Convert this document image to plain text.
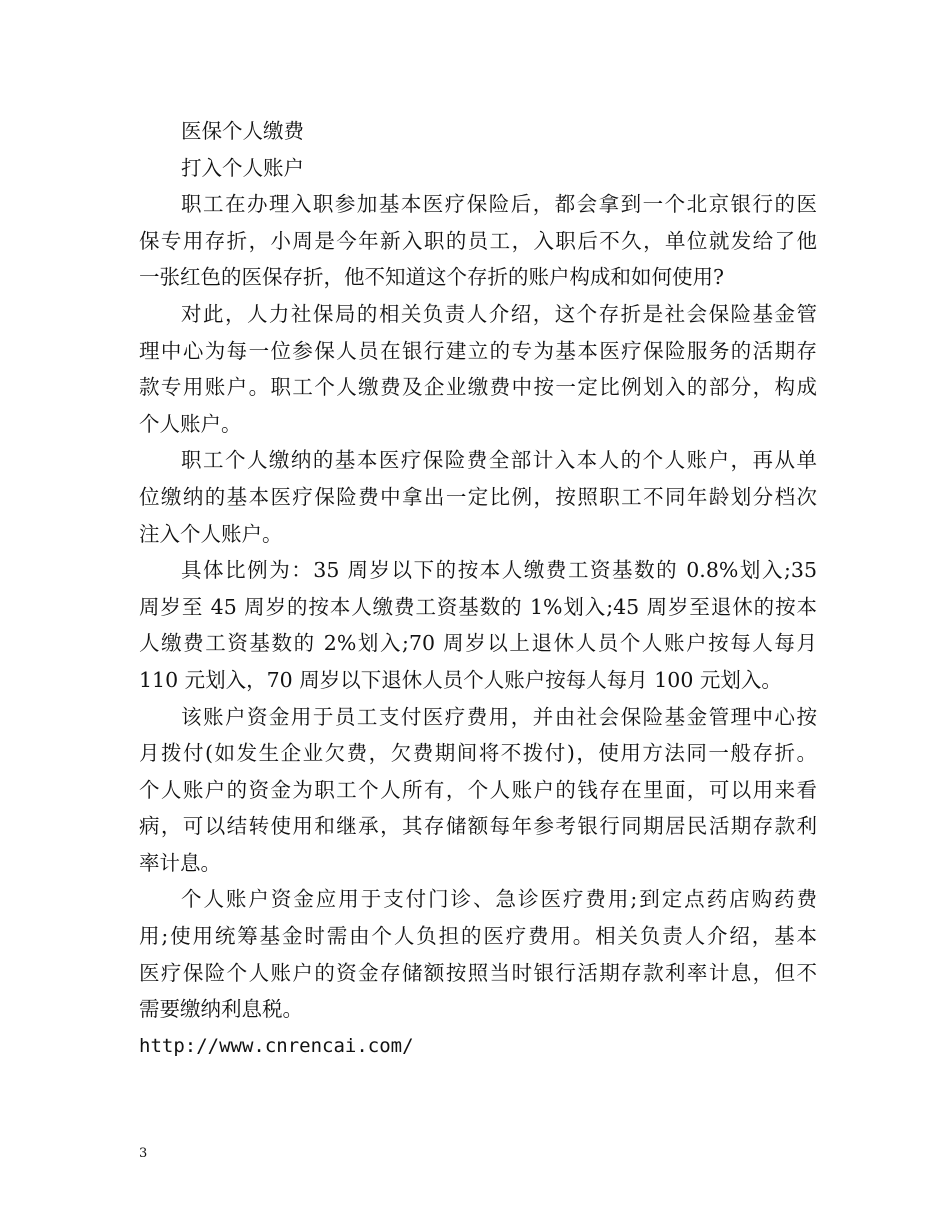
医保个人缴费
打入个人账户
职工在办理入职参加基本医疗保险后，都会拿到一个北京银行的医
保专用存折，小周是今年新入职的员工，入职后不久，单位就发给了他
一张红色的医保存折，他不知道这个存折的账户构成和如何使用?
对此，人力社保局的相关负责人介绍，这个存折是社会保险基金管
理中心为每一位参保人员在银行建立的专为基本医疗保险服务的活期存
款专用账户。职工个人缴费及企业缴费中按一定比例划入的部分，构成
个人账户。
职工个人缴纳的基本医疗保险费全部计入本人的个人账户，再从单
位缴纳的基本医疗保险费中拿出一定比例，按照职工不同年龄划分档次
注入个人账户。
具体比例为：35 周岁以下的按本人缴费工资基数的 0.8%划入;35
周岁至 45 周岁的按本人缴费工资基数的 1%划入;45 周岁至退休的按本
人缴费工资基数的 2%划入;70 周岁以上退休人员个人账户按每人每月
110 元划入，70 周岁以下退休人员个人账户按每人每月 100 元划入。
该账户资金用于员工支付医疗费用，并由社会保险基金管理中心按
月拨付(如发生企业欠费，欠费期间将不拨付)，使用方法同一般存折。
个人账户的资金为职工个人所有，个人账户的钱存在里面，可以用来看
病，可以结转使用和继承，其存储额每年参考银行同期居民活期存款利
率计息。
个人账户资金应用于支付门诊、急诊医疗费用;到定点药店购药费
用;使用统筹基金时需由个人负担的医疗费用。相关负责人介绍，基本
医疗保险个人账户的资金存储额按照当时银行活期存款利率计息，但不
需要缴纳利息税。
http://www.cnrencai.com/
3
